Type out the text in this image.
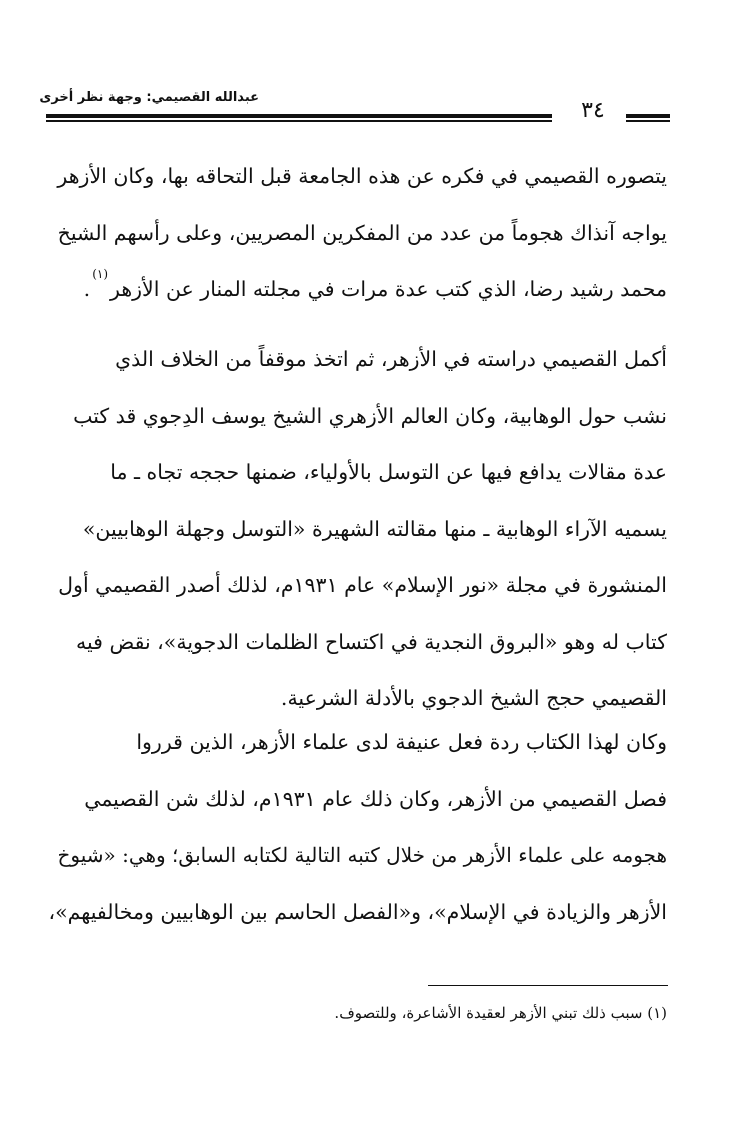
عبدالله القصيمي: وجهة نظر أخرى
٣٤
يتصوره القصيمي في فكره عن هذه الجامعة قبل التحاقه بها، وكان الأزهر
يواجه آنذاك هجوماً من عدد من المفكرين المصريين، وعلى رأسهم الشيخ
محمد رشيد رضا، الذي كتب عدة مرات في مجلته المنار عن الأزهر(١).
أكمل القصيمي دراسته في الأزهر، ثم اتخذ موقفاً من الخلاف الذي
نشب حول الوهابية، وكان العالم الأزهري الشيخ يوسف الدِجوي قد كتب
عدة مقالات يدافع فيها عن التوسل بالأولياء، ضمنها حججه تجاه ـ ما
يسميه الآراء الوهابية ـ منها مقالته الشهيرة «التوسل وجهلة الوهابيين»
المنشورة في مجلة «نور الإسلام» عام ١٩٣١م، لذلك أصدر القصيمي أول
كتاب له وهو «البروق النجدية في اكتساح الظلمات الدجوية»، نقض فيه
القصيمي حجج الشيخ الدجوي بالأدلة الشرعية.
وكان لهذا الكتاب ردة فعل عنيفة لدى علماء الأزهر، الذين قرروا
فصل القصيمي من الأزهر، وكان ذلك عام ١٩٣١م، لذلك شن القصيمي
هجومه على علماء الأزهر من خلال كتبه التالية لكتابه السابق؛ وهي: «شيوخ
الأزهر والزيادة في الإسلام»، و«الفصل الحاسم بين الوهابيين ومخالفيهم»،
(١) سبب ذلك تبني الأزهر لعقيدة الأشاعرة، وللتصوف.
